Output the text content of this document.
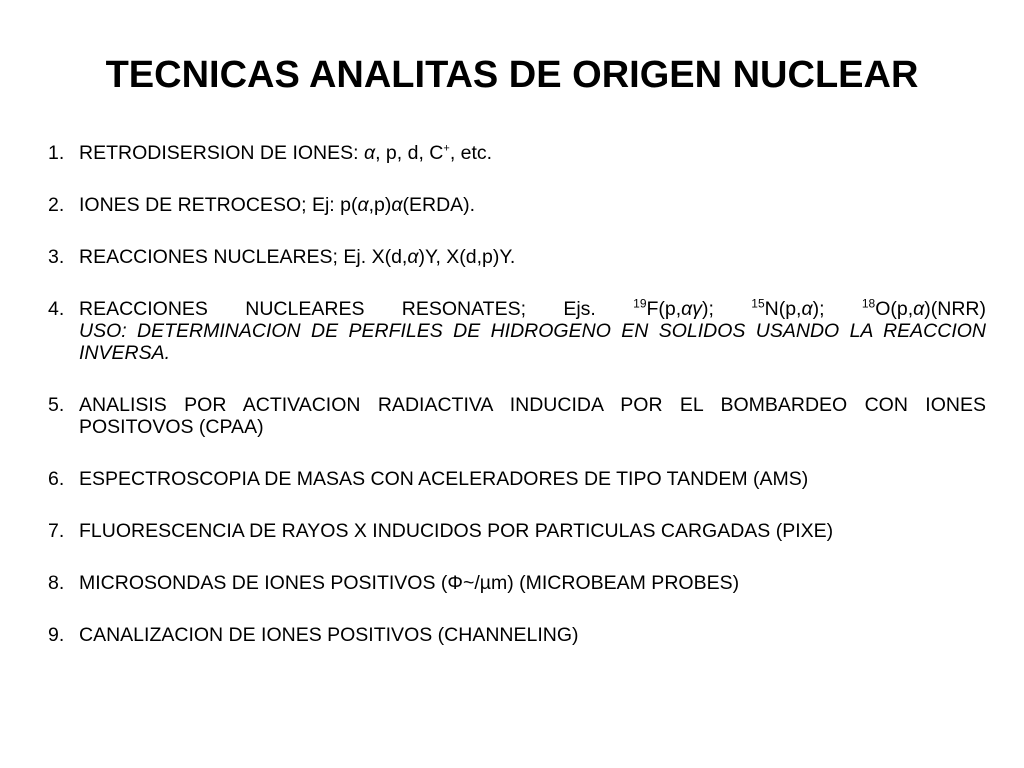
TECNICAS ANALITAS DE ORIGEN NUCLEAR
1. RETRODISERSION DE IONES: α, p, d, C+, etc.
2. IONES DE RETROCESO; Ej: p(α,p)α(ERDA).
3. REACCIONES NUCLEARES; Ej. X(d,α)Y, X(d,p)Y.
4. REACCIONES NUCLEARES RESONATES; Ejs. $^{19}$F(p,αγ); $^{15}$N(p,α); $^{18}$O(p,α)(NRR)
USO: DETERMINACION DE PERFILES DE HIDROGENO EN SOLIDOS USANDO LA REACCION INVERSA.
5. ANALISIS POR ACTIVACION RADIACTIVA INDUCIDA POR EL BOMBARDEO CON IONES POSITOVOS (CPAA)
6. ESPECTROSCOPIA DE MASAS CON ACELERADORES DE TIPO TANDEM (AMS)
7. FLUORESCENCIA DE RAYOS X INDUCIDOS POR PARTICULAS CARGADAS (PIXE)
8. MICROSONDAS DE IONES POSITIVOS (Φ~/µm) (MICROBEAM PROBES)
9. CANALIZACION DE IONES POSITIVOS (CHANNELING)
